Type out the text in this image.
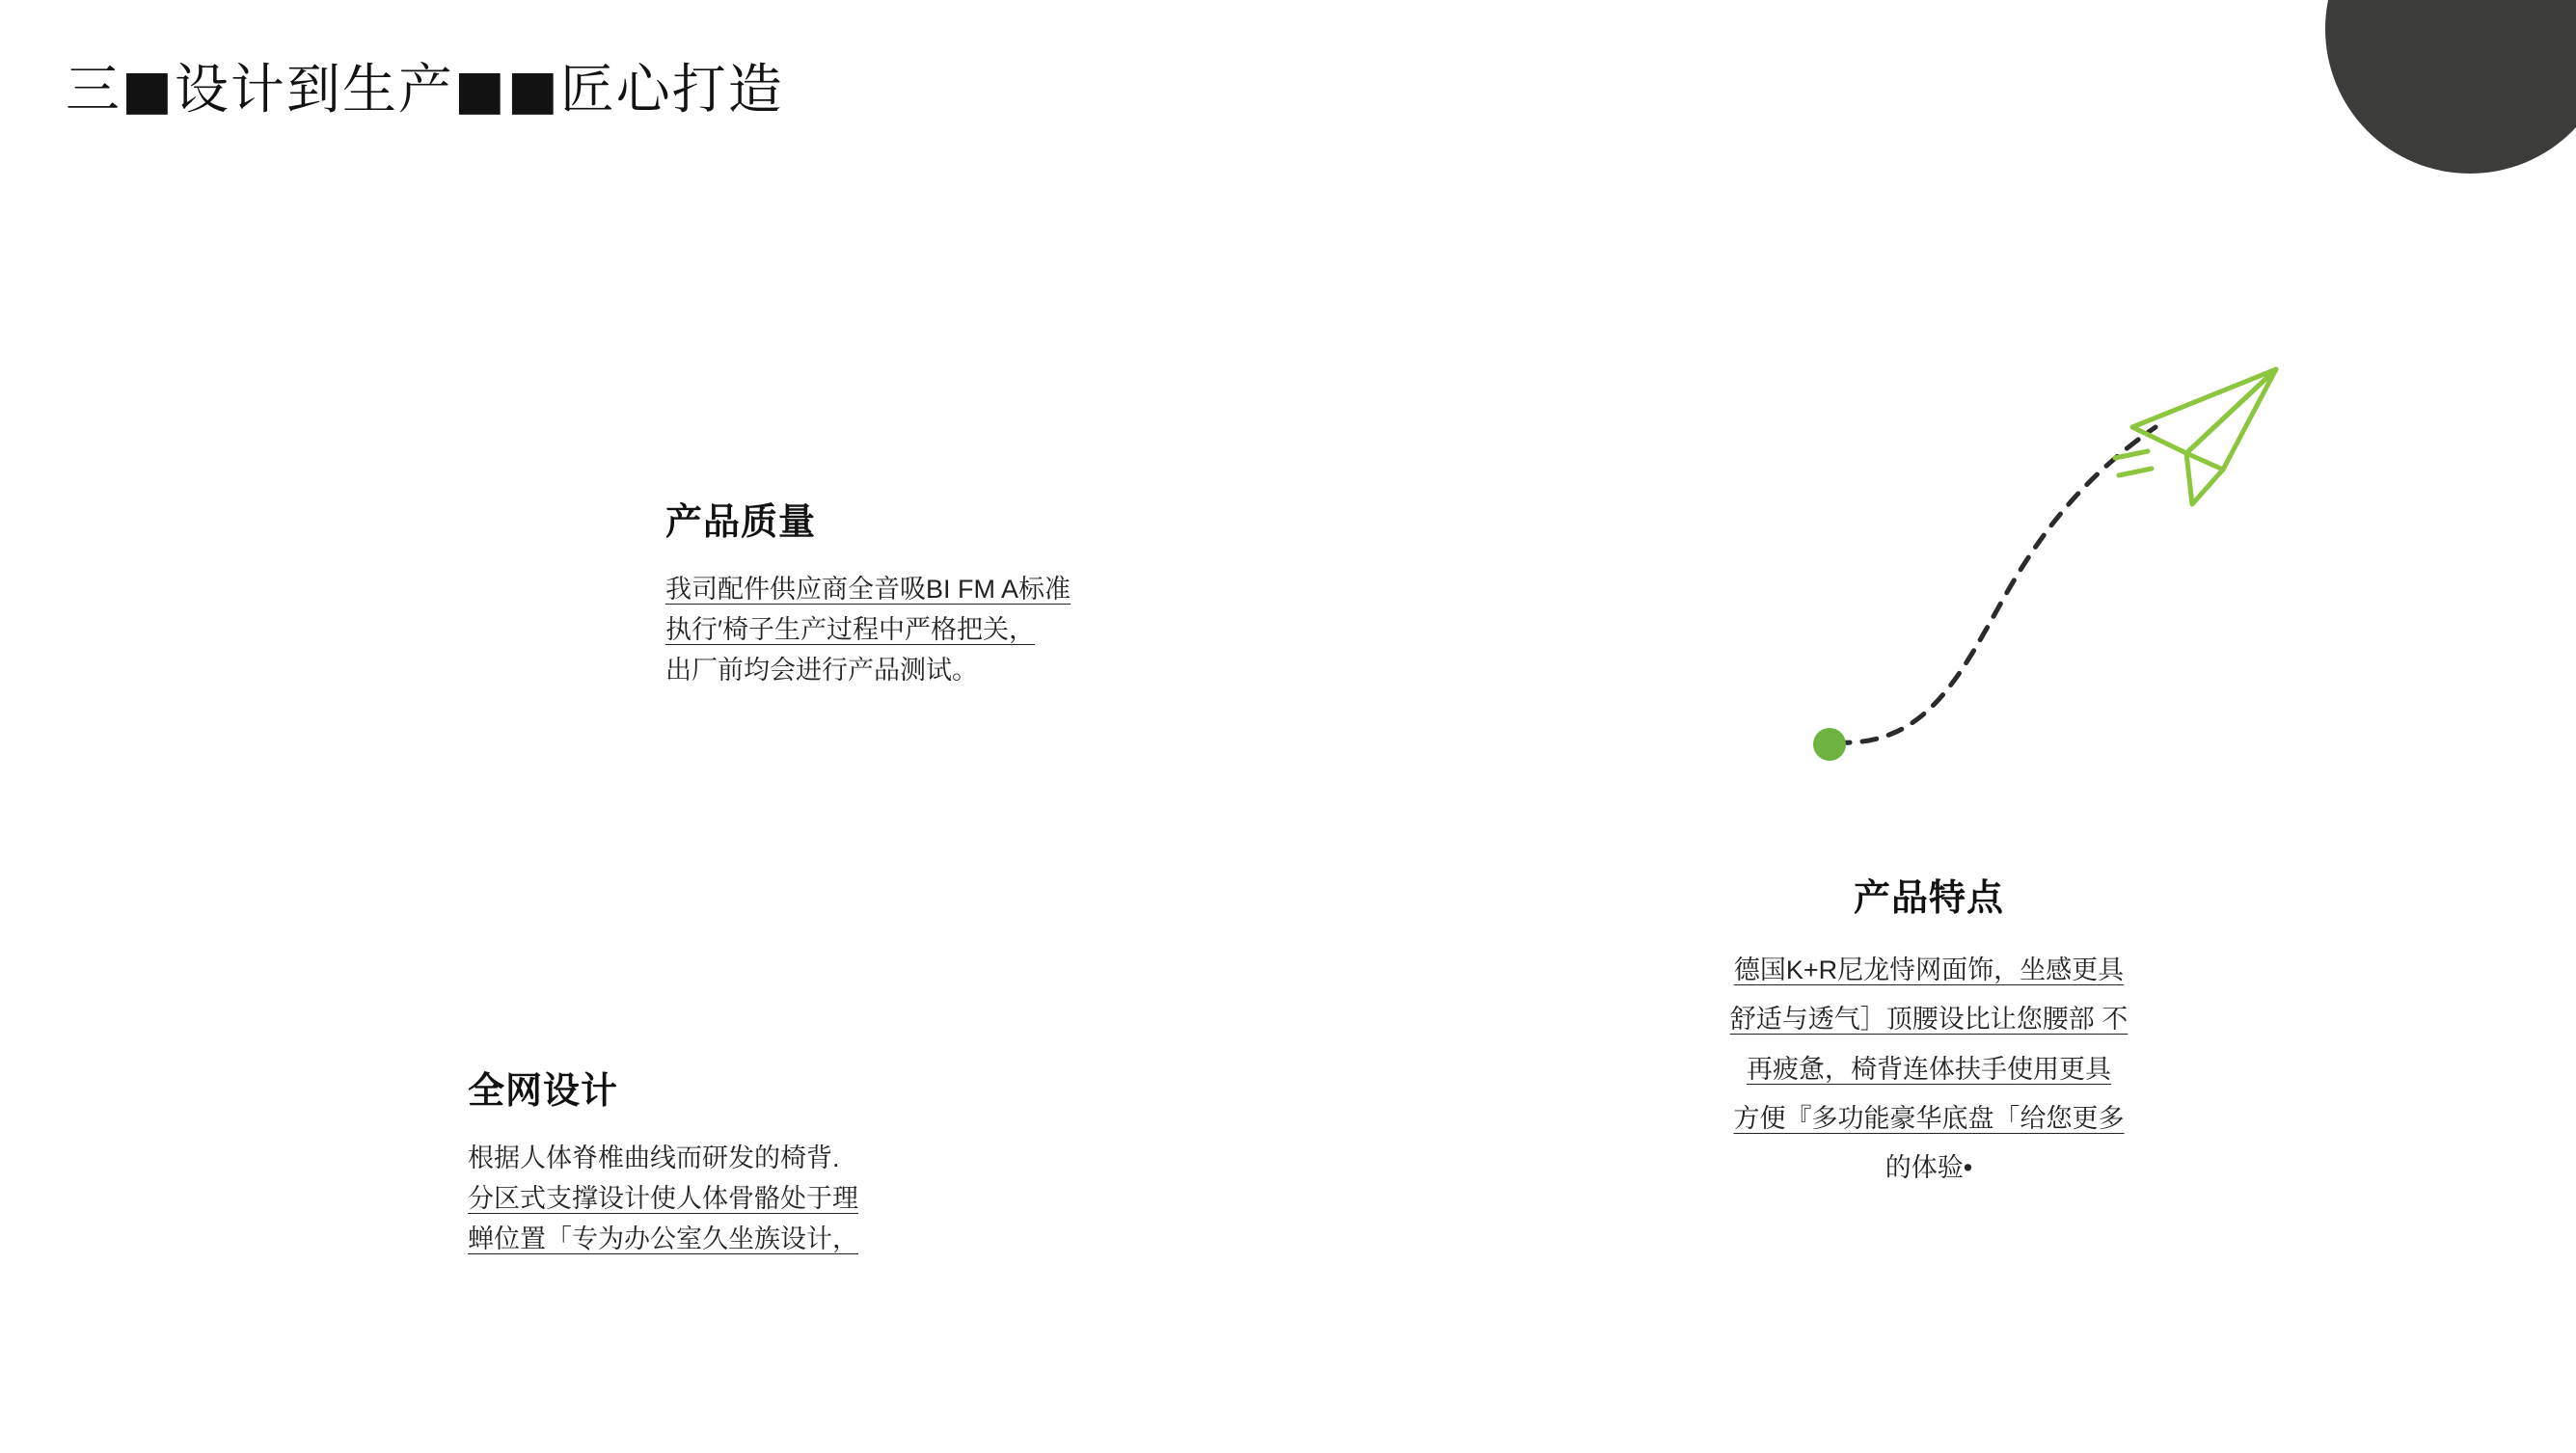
三■设计到生产■■匠心打造
产品质量
我司配件供应商全音吸BI FM A标准
执行′椅子生产过程中严格把关，
出厂前均会进行产品测试。
全网设计
根据人体脊椎曲线而研发的椅背.
分区式支撑设计使人体骨骼处于理
蝉位置「专为办公室久坐族设计，
产品特点
德国K+R尼龙恃网面饰，坐感更具
舒适与透气］顶腰设比让您腰部 不
再疲惫，椅背连体扶手使用更具
方便『多功能豪华底盘「给您更多
的体验•
